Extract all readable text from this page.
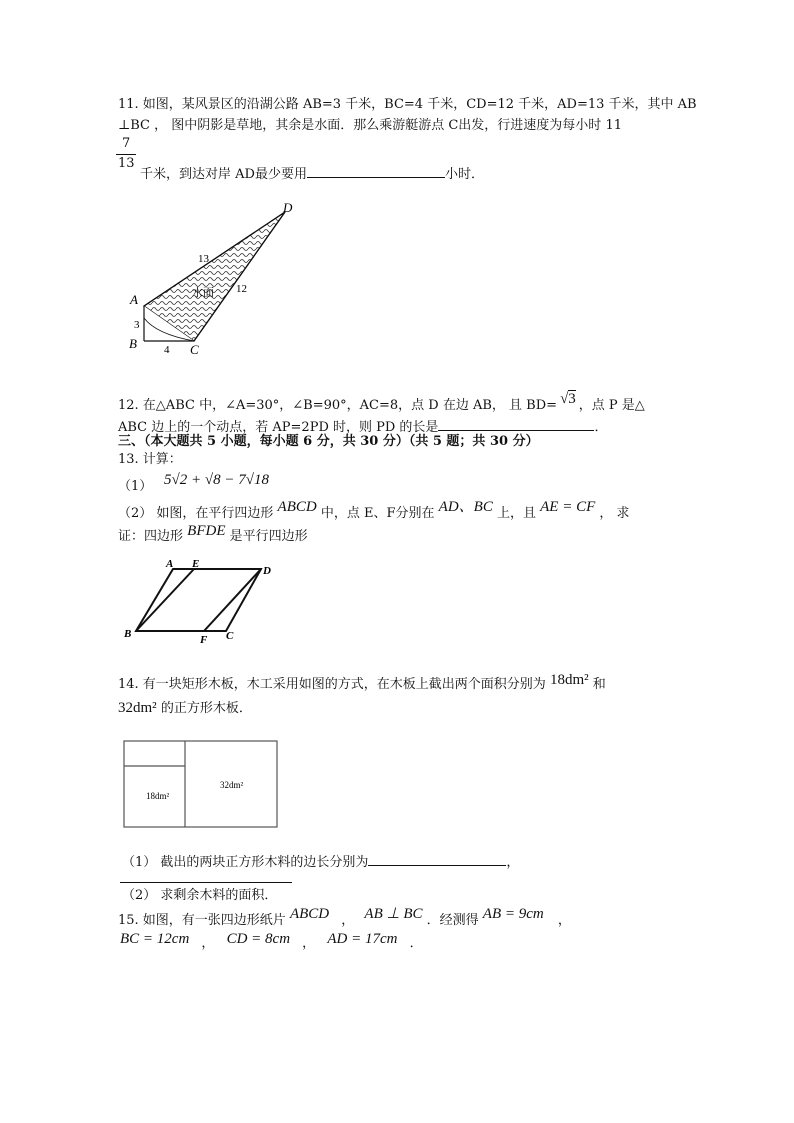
11. 如图，某风景区的沿湖公路 AB=3 千米，BC=4 千米，CD=12 千米，AD=13 千米，其中 AB
⊥BC ， 图中阴影是草地，其余是水面．那么乘游艇游点 C出发，行进速度为每小时 11
7
13
千米，到达对岸 AD最少要用	小时．
D
A
B	C
13
12
3
4
水面
12. 在△ABC 中，∠A=30°，∠B=90°，AC=8，点 D 在边 AB， 且 BD= √3 ，点 P 是△
ABC 边上的一个动点，若 AP=2PD 时，则 PD 的长是	．
三、（本大题共 5 小题，每小题 6 分，共 30 分）（共 5 题；共 30 分）
13. 计算：
（1） 5√2 + √8 − 7√18
（2） 如图，在平行四边形 ABCD 中，点 E、F分别在 AD、BC 上，且 AE = CF ， 求
证：四边形 BFDE 是平行四边形
A E
D
B	F C
14. 有一块矩形木板，木工采用如图的方式，在木板上截出两个面积分别为 18dm² 和
32dm² 的正方形木板．
18dm²
32dm²
（1） 截出的两块正方形木料的边长分别为	，
（2） 求剩余木料的面积．
15. 如图，有一张四边形纸片 ABCD ， AB ⊥ BC ．经测得 AB = 9cm ，
BC = 12cm ， CD = 8cm ， AD = 17cm ．
